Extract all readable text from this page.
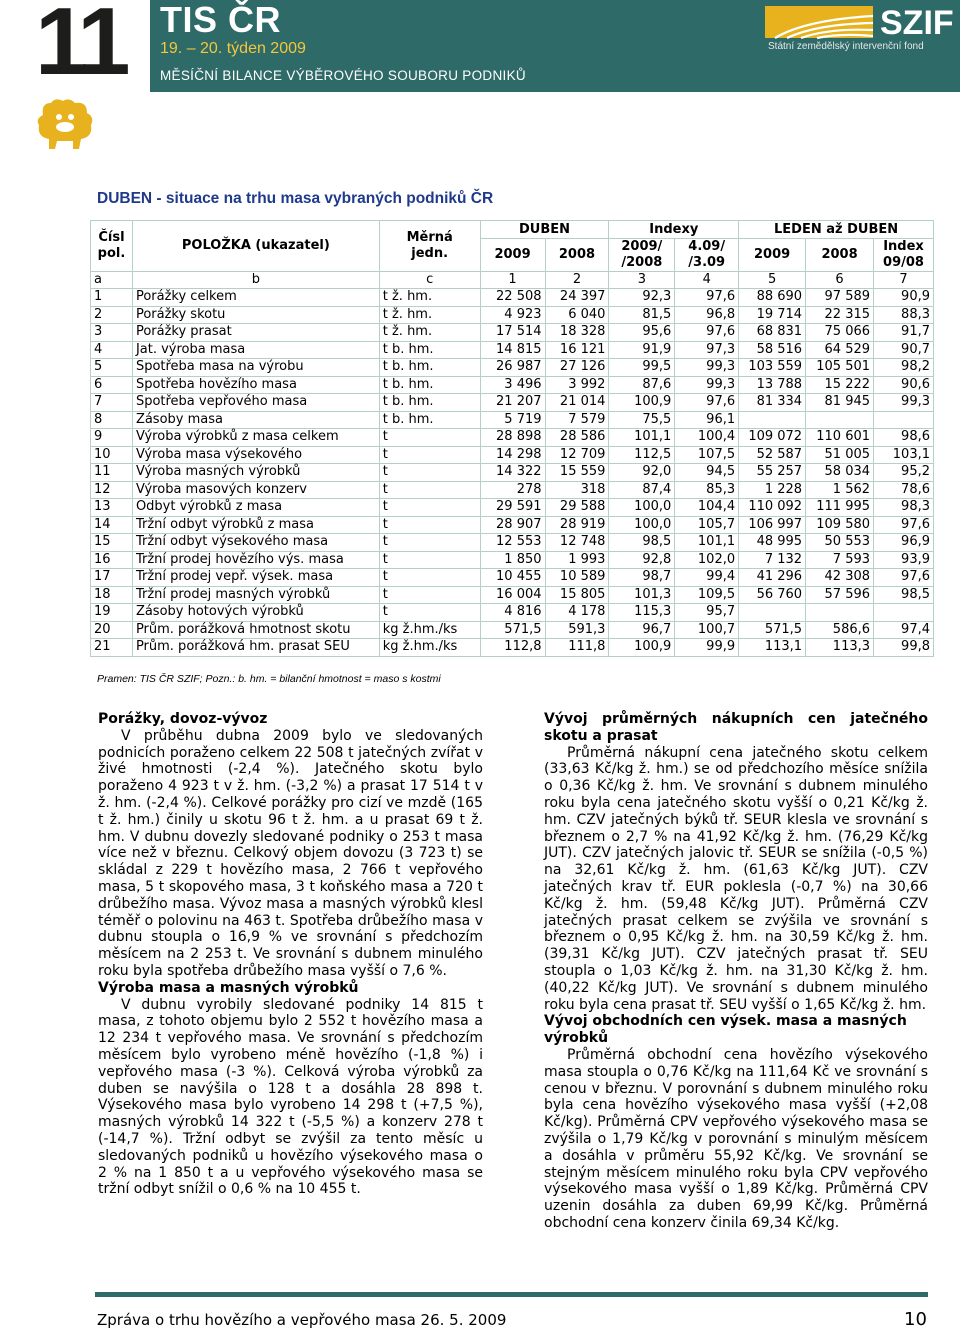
11 TIS ČR
19. – 20. týden 2009
MĚSÍČNÍ BILANCE VÝBĚROVÉHO SOUBORU PODNIKŮ
SZIF
Státní zemědělský intervenční fond
DUBEN - situace na trhu masa vybraných podniků ČR
Čísl pol.	POLOŽKA (ukazatel)	Měrná jedn.	DUBEN		Indexy		LEDEN až DUBEN		
			2009	2008	2009/ /2008	4.09/ /3.09	2009	2008	Index 09/08
a	b	c	1	2	3	4	5	6	7
1	Porážky celkem	t ž. hm.	22 508	24 397	92,3	97,6	88 690	97 589	90,9
2	Porážky skotu	t ž. hm.	4 923	6 040	81,5	96,8	19 714	22 315	88,3
3	Porážky prasat	t ž. hm.	17 514	18 328	95,6	97,6	68 831	75 066	91,7
4	Jat. výroba masa	t b. hm.	14 815	16 121	91,9	97,3	58 516	64 529	90,7
5	Spotřeba masa na výrobu	t b. hm.	26 987	27 126	99,5	99,3	103 559	105 501	98,2
6	Spotřeba hovězího masa	t b. hm.	3 496	3 992	87,6	99,3	13 788	15 222	90,6
7	Spotřeba vepřového masa	t b. hm.	21 207	21 014	100,9	97,6	81 334	81 945	99,3
8	Zásoby masa	t b. hm.	5 719	7 579	75,5	96,1			
9	Výroba výrobků z masa celkem	t	28 898	28 586	101,1	100,4	109 072	110 601	98,6
10	Výroba masa výsekového	t	14 298	12 709	112,5	107,5	52 587	51 005	103,1
11	Výroba masných výrobků	t	14 322	15 559	92,0	94,5	55 257	58 034	95,2
12	Výroba masových konzerv	t	278	318	87,4	85,3	1 228	1 562	78,6
13	Odbyt výrobků z masa	t	29 591	29 588	100,0	104,4	110 092	111 995	98,3
14	Tržní odbyt výrobků z masa	t	28 907	28 919	100,0	105,7	106 997	109 580	97,6
15	Tržní odbyt výsekového masa	t	12 553	12 748	98,5	101,1	48 995	50 553	96,9
16	Tržní prodej hovězího výs. masa	t	1 850	1 993	92,8	102,0	7 132	7 593	93,9
17	Tržní prodej vepř. výsek. masa	t	10 455	10 589	98,7	99,4	41 296	42 308	97,6
18	Tržní prodej masných výrobků	t	16 004	15 805	101,3	109,5	56 760	57 596	98,5
19	Zásoby hotových výrobků	t	4 816	4 178	115,3	95,7			
20	Prům. porážková hmotnost skotu	kg ž.hm./ks	571,5	591,3	96,7	100,7	571,5	586,6	97,4
21	Prům. porážková hm. prasat SEU	kg ž.hm./ks	112,8	111,8	100,9	99,9	113,1	113,3	99,8
Pramen: TIS ČR SZIF; Pozn.: b. hm. = bilanční hmotnost = maso s kostmi
Porážky, dovoz-vývoz

V průběhu dubna 2009 bylo ve sledovaných podnicích poraženo celkem 22 508 t jatečných zvířat v živé hmotnosti (-2,4 %). Jatečného skotu bylo poraženo 4 923 t v ž. hm. (-3,2 %) a prasat 17 514 t v ž. hm. (-2,4 %). Celkové porážky pro cizí ve mzdě (165 t ž. hm.) činily u skotu 96 t ž. hm. a u prasat 69 t ž. hm. V dubnu dovezly sledované podniky o 253 t masa více než v březnu. Celkový objem dovozu (3 723 t) se skládal z 229 t hovězího masa, 2 766 t vepřového masa, 5 t skopového masa, 3 t koňského masa a 720 t drůbežího masa. Vývoz masa a masných výrobků klesl téměř o polovinu na 463 t. Spotřeba drůbežího masa v dubnu stoupla o 16,9 % ve srovnání s předchozím měsícem na 2 253 t. Ve srovnání s dubnem minulého roku byla spotřeba drůbežího masa vyšší o 7,6 %.

Výroba masa a masných výrobků

V dubnu vyrobily sledované podniky 14 815 t masa, z tohoto objemu bylo 2 552 t hovězího masa a 12 234 t vepřového masa. Ve srovnání s předchozím měsícem bylo vyrobeno méně hovězího (-1,8 %) i vepřového masa (-3 %). Celková výroba výrobků za duben se navýšila o 128 t a dosáhla 28 898 t. Výsekového masa bylo vyrobeno 14 298 t (+7,5 %), masných výrobků 14 322 t (-5,5 %) a konzerv 278 t (-14,7 %). Tržní odbyt se zvýšil za tento měsíc u sledovaných podniků u hovězího výsekového masa o 2 % na 1 850 t a u vepřového výsekového masa se tržní odbyt snížil o 0,6 % na 10 455 t.

Vývoj průměrných nákupních cen jatečného skotu a prasat

Průměrná nákupní cena jatečného skotu celkem (33,63 Kč/kg ž. hm.) se od předchozího měsíce snížila o 0,36 Kč/kg ž. hm. Ve srovnání s dubnem minulého roku byla cena jatečného skotu vyšší o 0,21 Kč/kg ž. hm. CZV jatečných býků tř. SEUR klesla ve srovnání s březnem o 2,7 % na 41,92 Kč/kg ž. hm. (76,29 Kč/kg JUT). CZV jatečných jalovic tř. SEUR se snížila (-0,5 %) na 32,61 Kč/kg ž. hm. (61,63 Kč/kg JUT). CZV jatečných krav tř. EUR poklesla (-0,7 %) na 30,66 Kč/kg ž. hm. (59,48 Kč/kg JUT). Průměrná CZV jatečných prasat celkem se zvýšila ve srovnání s březnem o 0,95 Kč/kg ž. hm. na 30,59 Kč/kg ž. hm. (39,31 Kč/kg JUT). CZV jatečných prasat tř. SEU stoupla o 1,03 Kč/kg ž. hm. na 31,30 Kč/kg ž. hm. (40,22 Kč/kg JUT). Ve srovnání s dubnem minulého roku byla cena prasat tř. SEU vyšší o 1,65 Kč/kg ž. hm.

Vývoj obchodních cen výsek. masa a masných výrobků

Průměrná obchodní cena hovězího výsekového masa stoupla o 0,76 Kč/kg na 111,64 Kč ve srovnání s cenou v březnu. V porovnání s dubnem minulého roku byla cena hovězího výsekového masa vyšší (+2,08 Kč/kg). Průměrná CPV vepřového výsekového masa se zvýšila o 1,79 Kč/kg v porovnání s minulým měsícem a dosáhla v průměru 55,92 Kč/kg. Ve srovnání se stejným měsícem minulého roku byla CPV vepřového výsekového masa vyšší o 1,89 Kč/kg. Průměrná CPV uzenin dosáhla za duben 69,99 Kč/kg. Průměrná obchodní cena konzerv činila 69,34 Kč/kg.

Zpráva o trhu hovězího a vepřového masa 26. 5. 2009	10
